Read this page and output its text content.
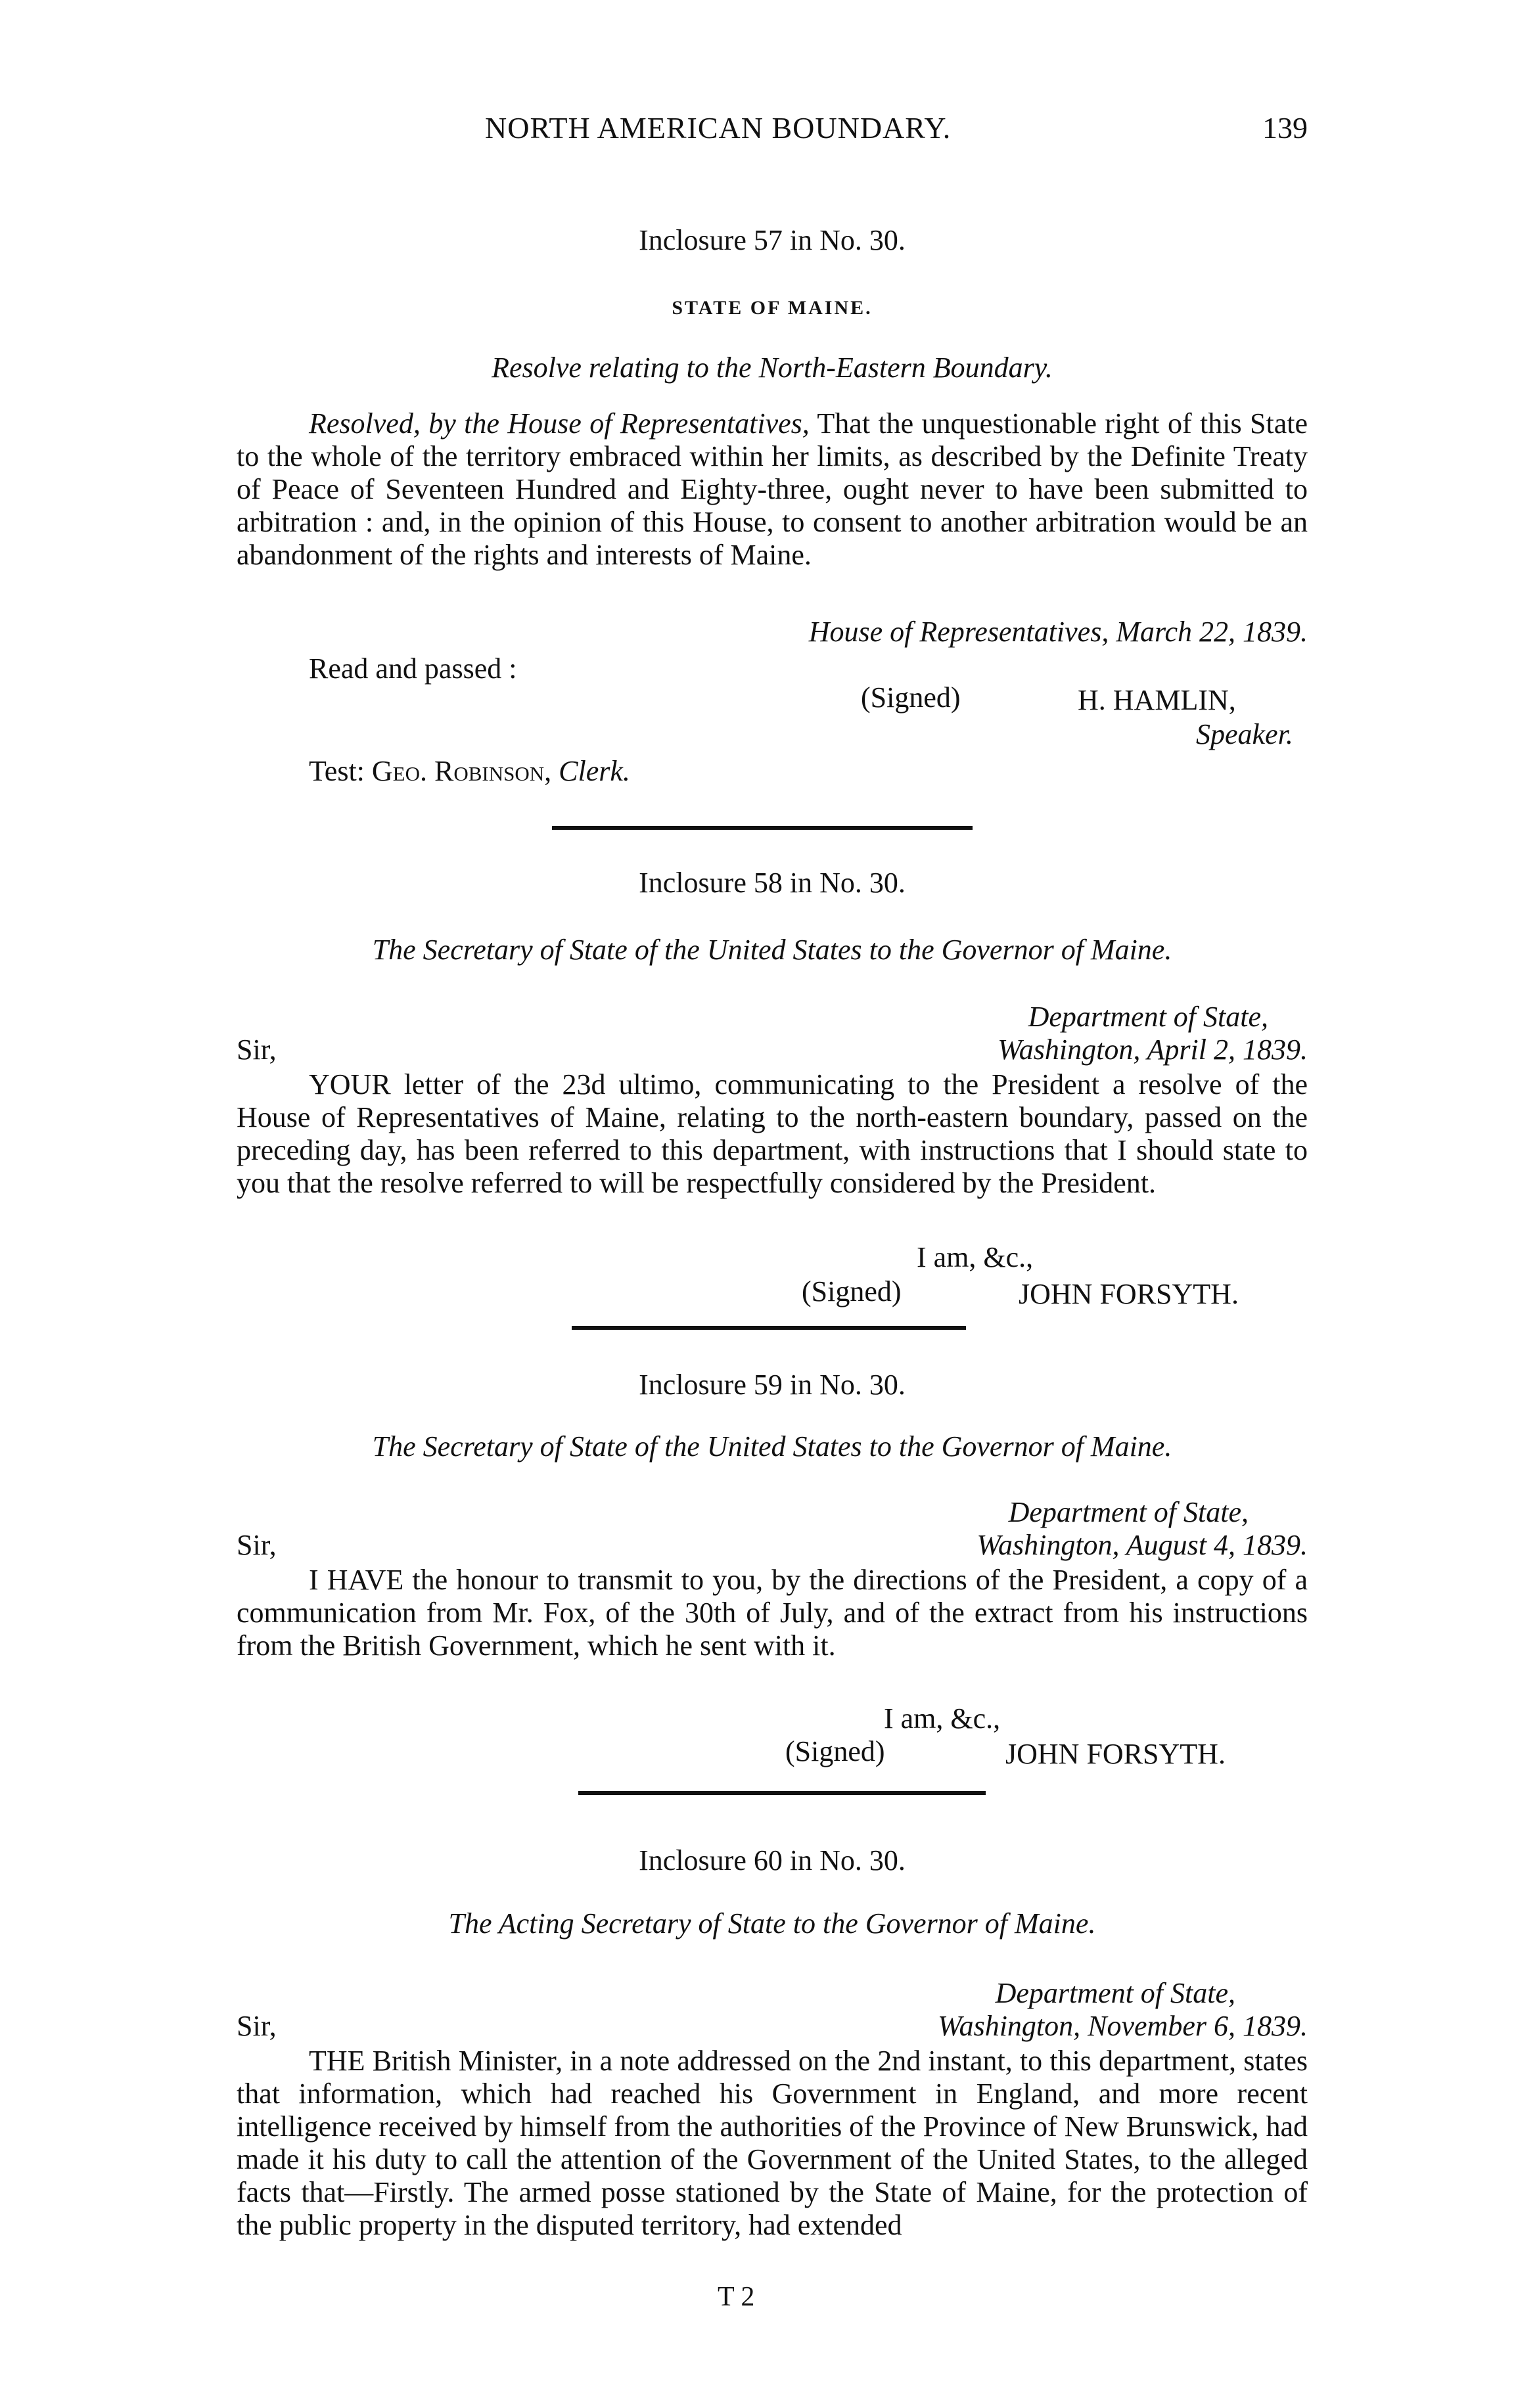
NORTH AMERICAN BOUNDARY.	139
Inclosure 57 in No. 30.
STATE OF MAINE.
Resolve relating to the North-Eastern Boundary.

Resolved, by the House of Representatives, That the unquestionable right of this State to the whole of the territory embraced within her limits, as described by the Definite Treaty of Peace of Seventeen Hundred and Eighty-three, ought never to have been submitted to arbitration : and, in the opinion of this House, to consent to another arbitration would be an abandonment of the rights and interests of Maine.

House of Representatives, March 22, 1839.
Read and passed :
(Signed)	H. HAMLIN,
Speaker.
Test: Geo. Robinson, Clerk.
Inclosure 58 in No. 30.
The Secretary of State of the United States to the Governor of Maine.
Department of State,
Washington, April 2, 1839.
Sir,

YOUR letter of the 23d ultimo, communicating to the President a resolve of the House of Representatives of Maine, relating to the north-eastern boundary, passed on the preceding day, has been referred to this department, with instructions that I should state to you that the resolve referred to will be respectfully considered by the President.

I am, &c.,
(Signed)	JOHN FORSYTH.
Inclosure 59 in No. 30.
The Secretary of State of the United States to the Governor of Maine.
Department of State,
Washington, August 4, 1839.
Sir,

I HAVE the honour to transmit to you, by the directions of the President, a copy of a communication from Mr. Fox, of the 30th of July, and of the extract from his instructions from the British Government, which he sent with it.

I am, &c.,
(Signed)	JOHN FORSYTH.
Inclosure 60 in No. 30.
The Acting Secretary of State to the Governor of Maine.
Department of State,
Washington, November 6, 1839.
Sir,

THE British Minister, in a note addressed on the 2nd instant, to this department, states that information, which had reached his Government in England, and more recent intelligence received by himself from the authorities of the Province of New Brunswick, had made it his duty to call the attention of the Government of the United States, to the alleged facts that—Firstly. The armed posse stationed by the State of Maine, for the protection of the public property in the disputed territory, had extended

T 2
